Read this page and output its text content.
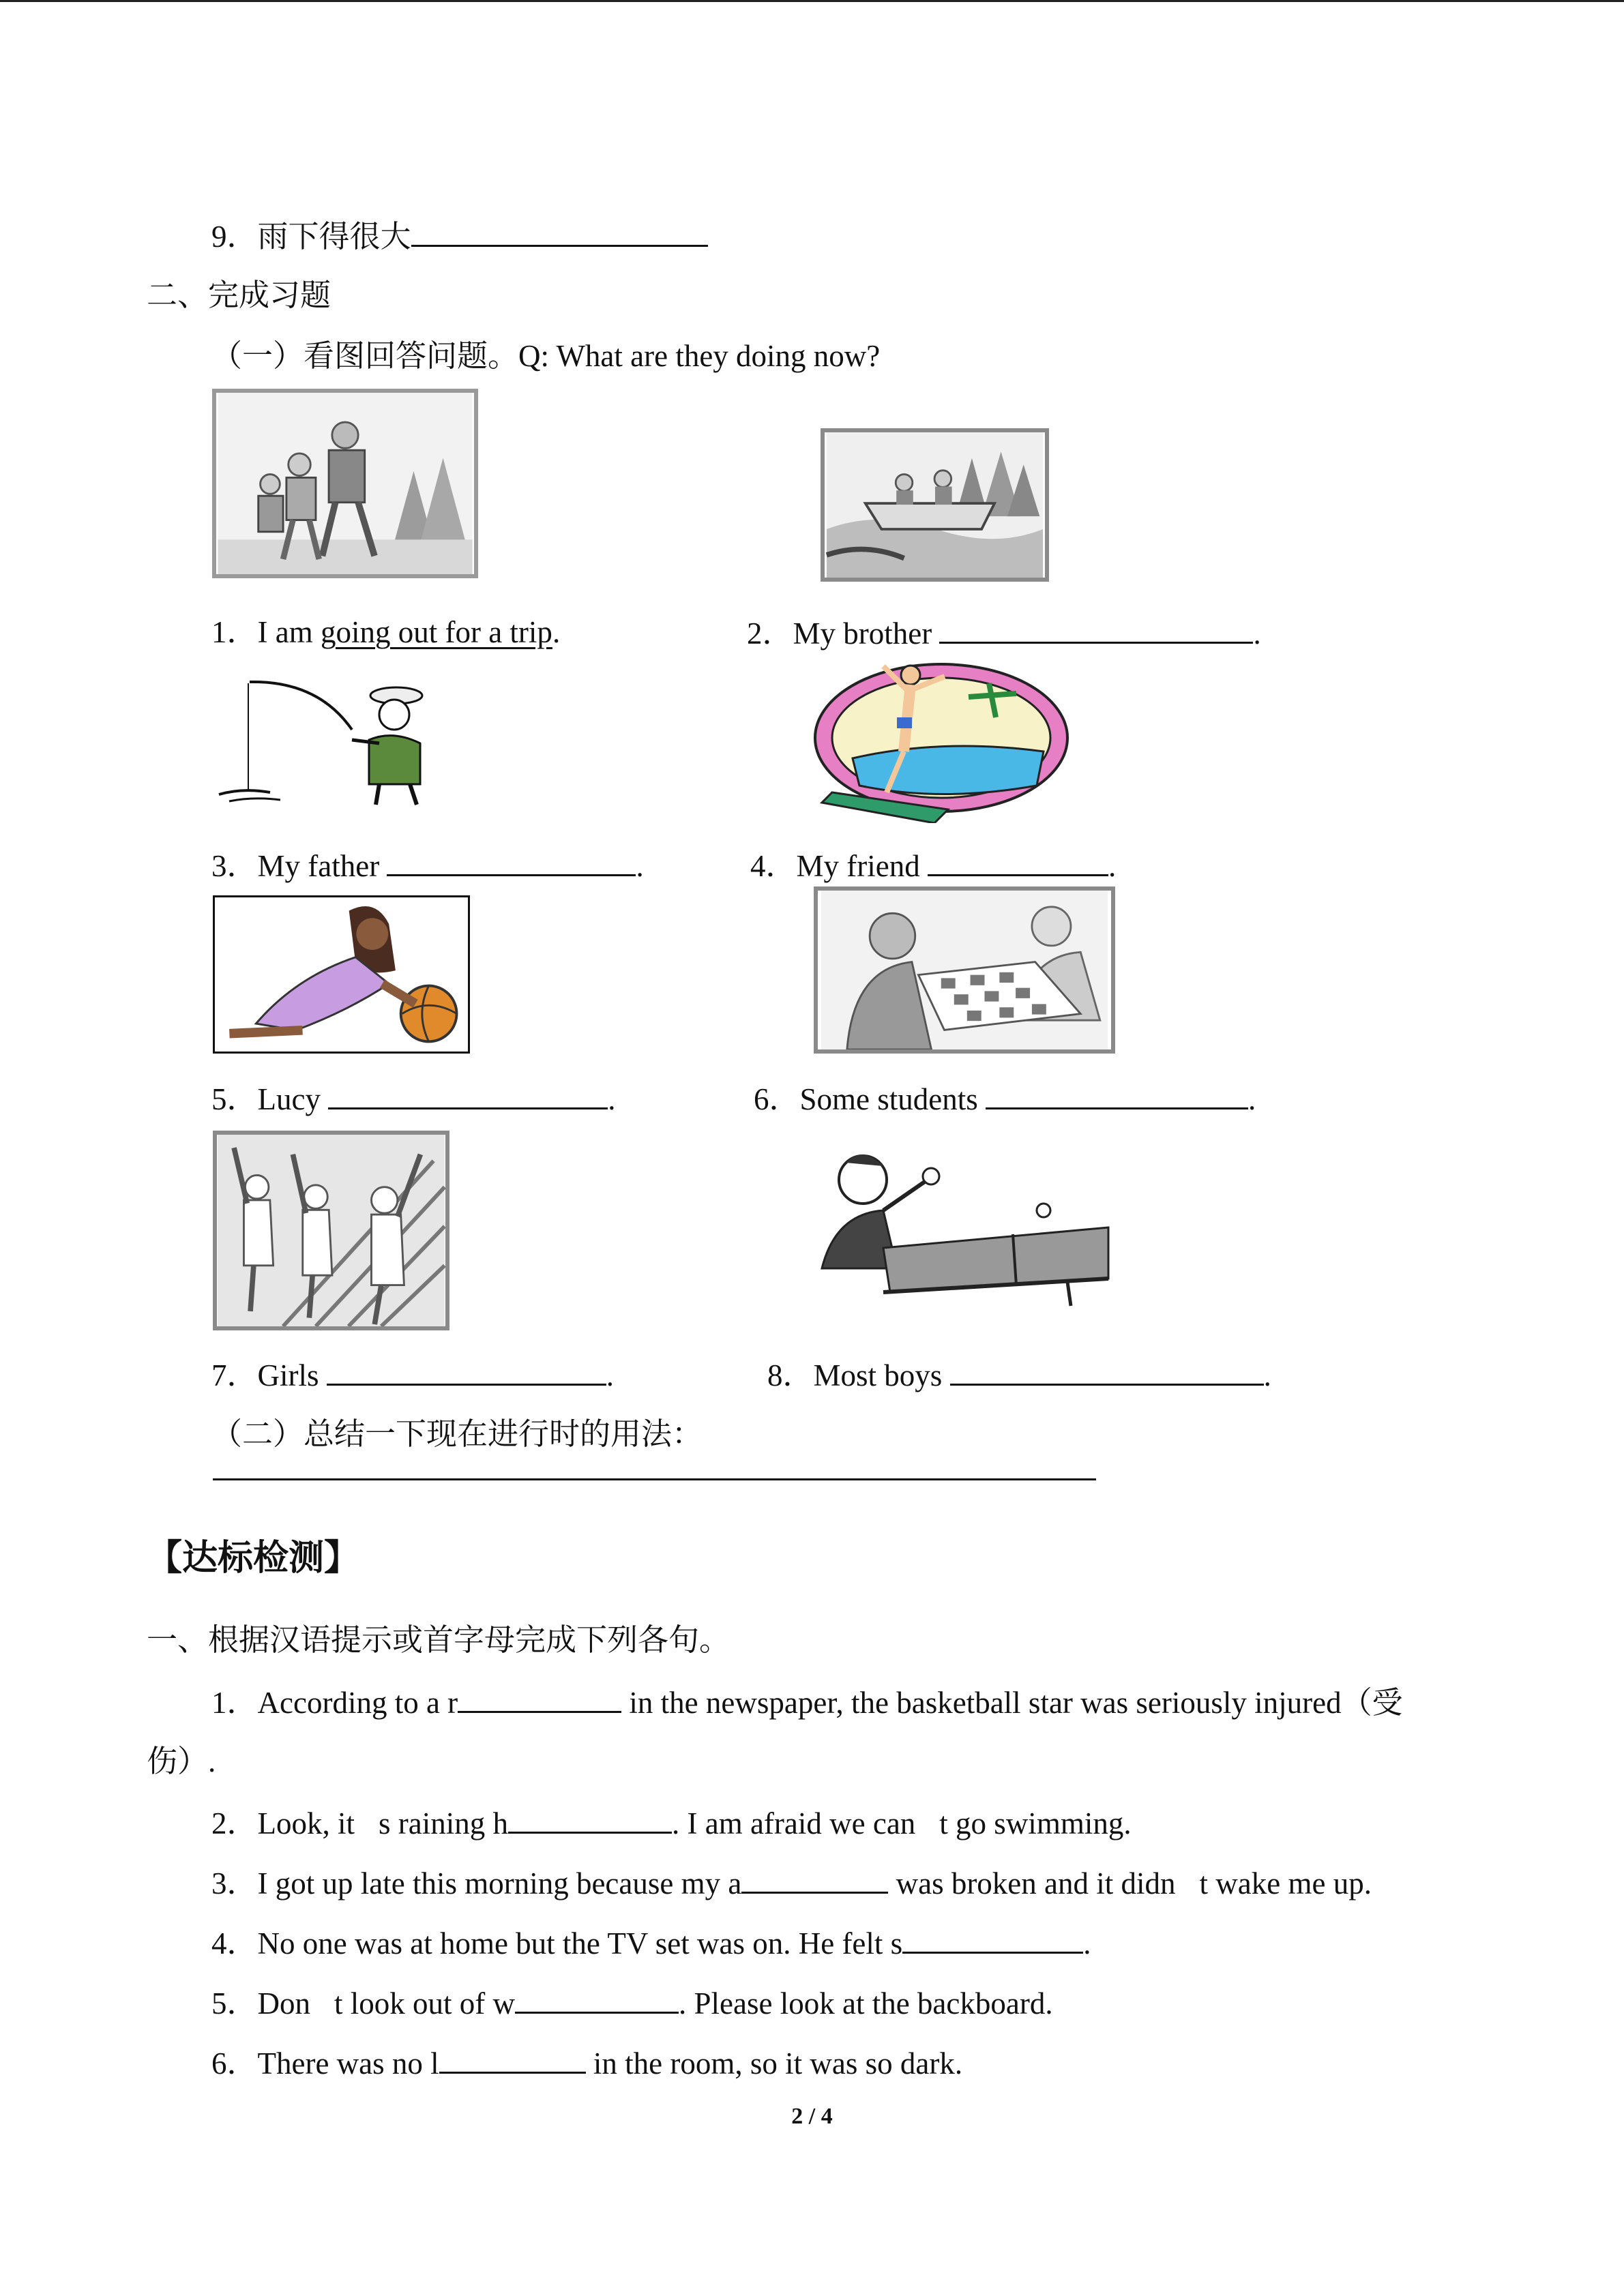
9．雨下得很大
二、完成习题
（一）看图回答问题。Q: What are they doing now?
1．I am going out for a trip.	2．My brother	.
3．My father	.	4．My friend	.
5．Lucy	.	6．Some students	.
7．Girls	.	8．Most boys	.
（二）总结一下现在进行时的用法：
【达标检测】
一、根据汉语提示或首字母完成下列各句。
1．According to a r	in the newspaper, the basketball star was seriously injured（受
伤）.
2．Look, it s raining h	. I am afraid we can t go swimming.
3．I got up late this morning because my a	was broken and it didn t wake me up.
4．No one was at home but the TV set was on. He felt s	.
5．Don t look out of w	. Please look at the backboard.
6．There was no l	in the room, so it was so dark.
2 / 4
